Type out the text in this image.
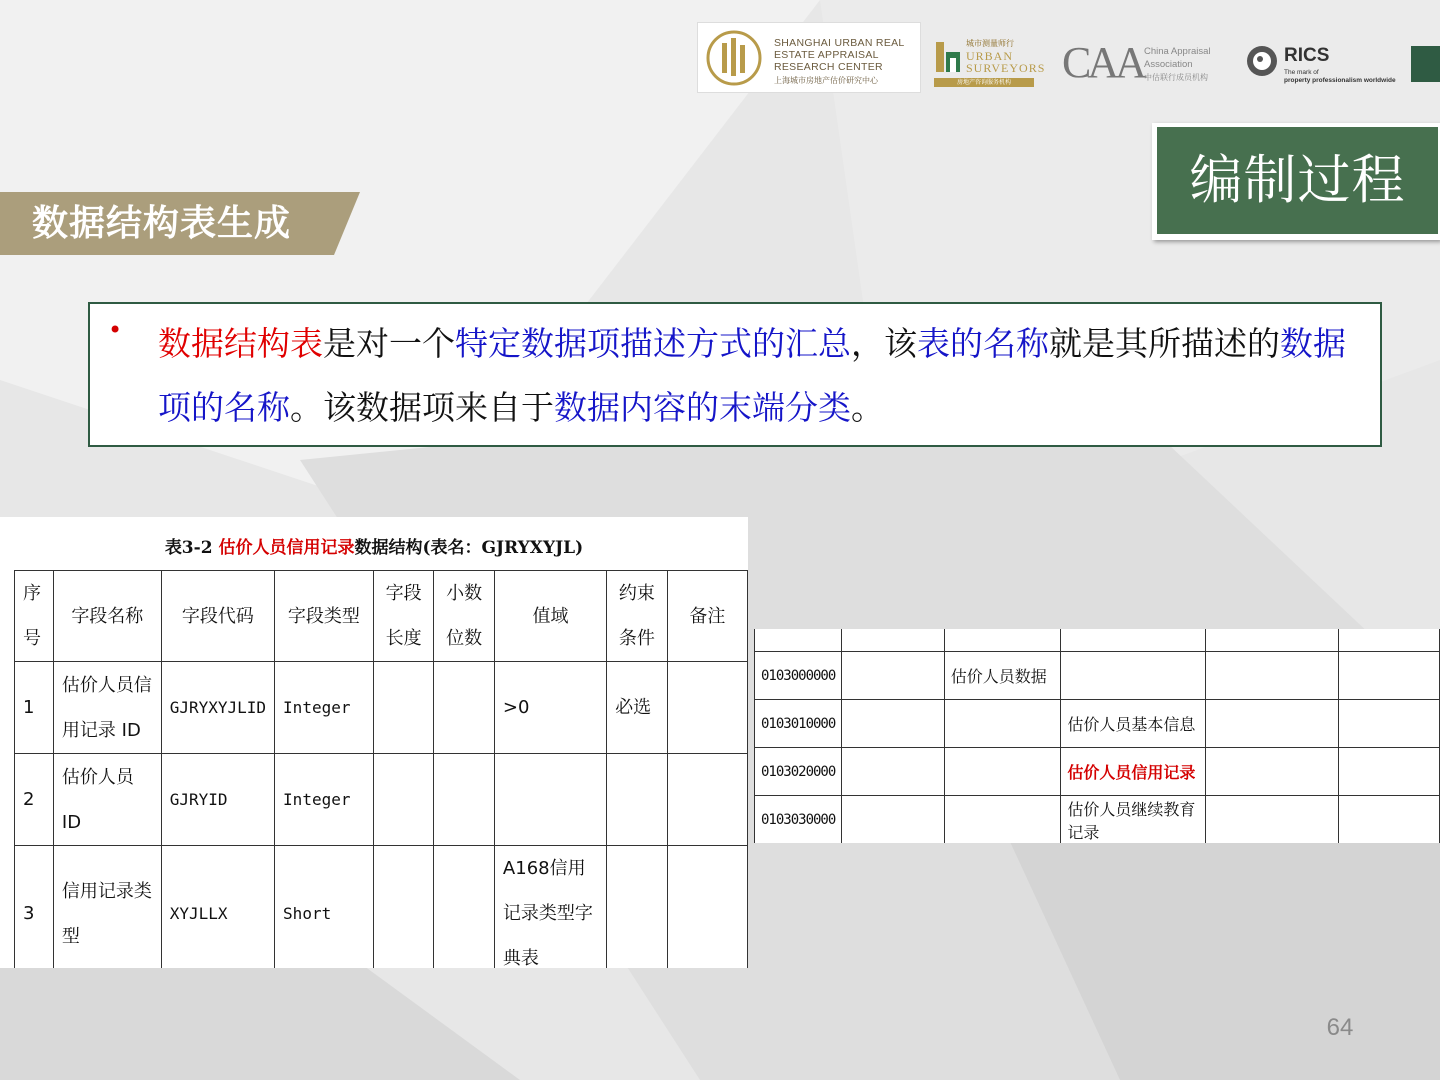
SHANGHAI URBAN REAL
ESTATE APPRAISAL
RESEARCH CENTER
上海城市房地产估价研究中心
城市测量师行
URBAN
SURVEYORS
房地产咨询服务机构	CAA China Appraisal
Association
中估联行成员机构
RICS
The mark of
property professionalism worldwide
编制过程
数据结构表生成
• 数据结构表是对一个特定数据项描述方式的汇总，该表的名称就是其所描述的数据项的名称。该数据项来自于数据内容的末端分类。
表3-2 估价人员信用记录数据结构(表名：GJRYXYJL)
序号	字段名称	字段代码	字段类型	字段长度	小数位数	值域	约束条件	备注
1	估价人员信用记录 ID	GJRYXYJLID	Integer			>0	必选	
2	估价人员ID	GJRYID	Integer					
3	信用记录类型	XYJLLX	Short			A168信用记录类型字典表		

0103000000		估价人员数据			
0103010000			估价人员基本信息		
0103020000			估价人员信用记录		
0103030000			估价人员继续教育记录		
64
